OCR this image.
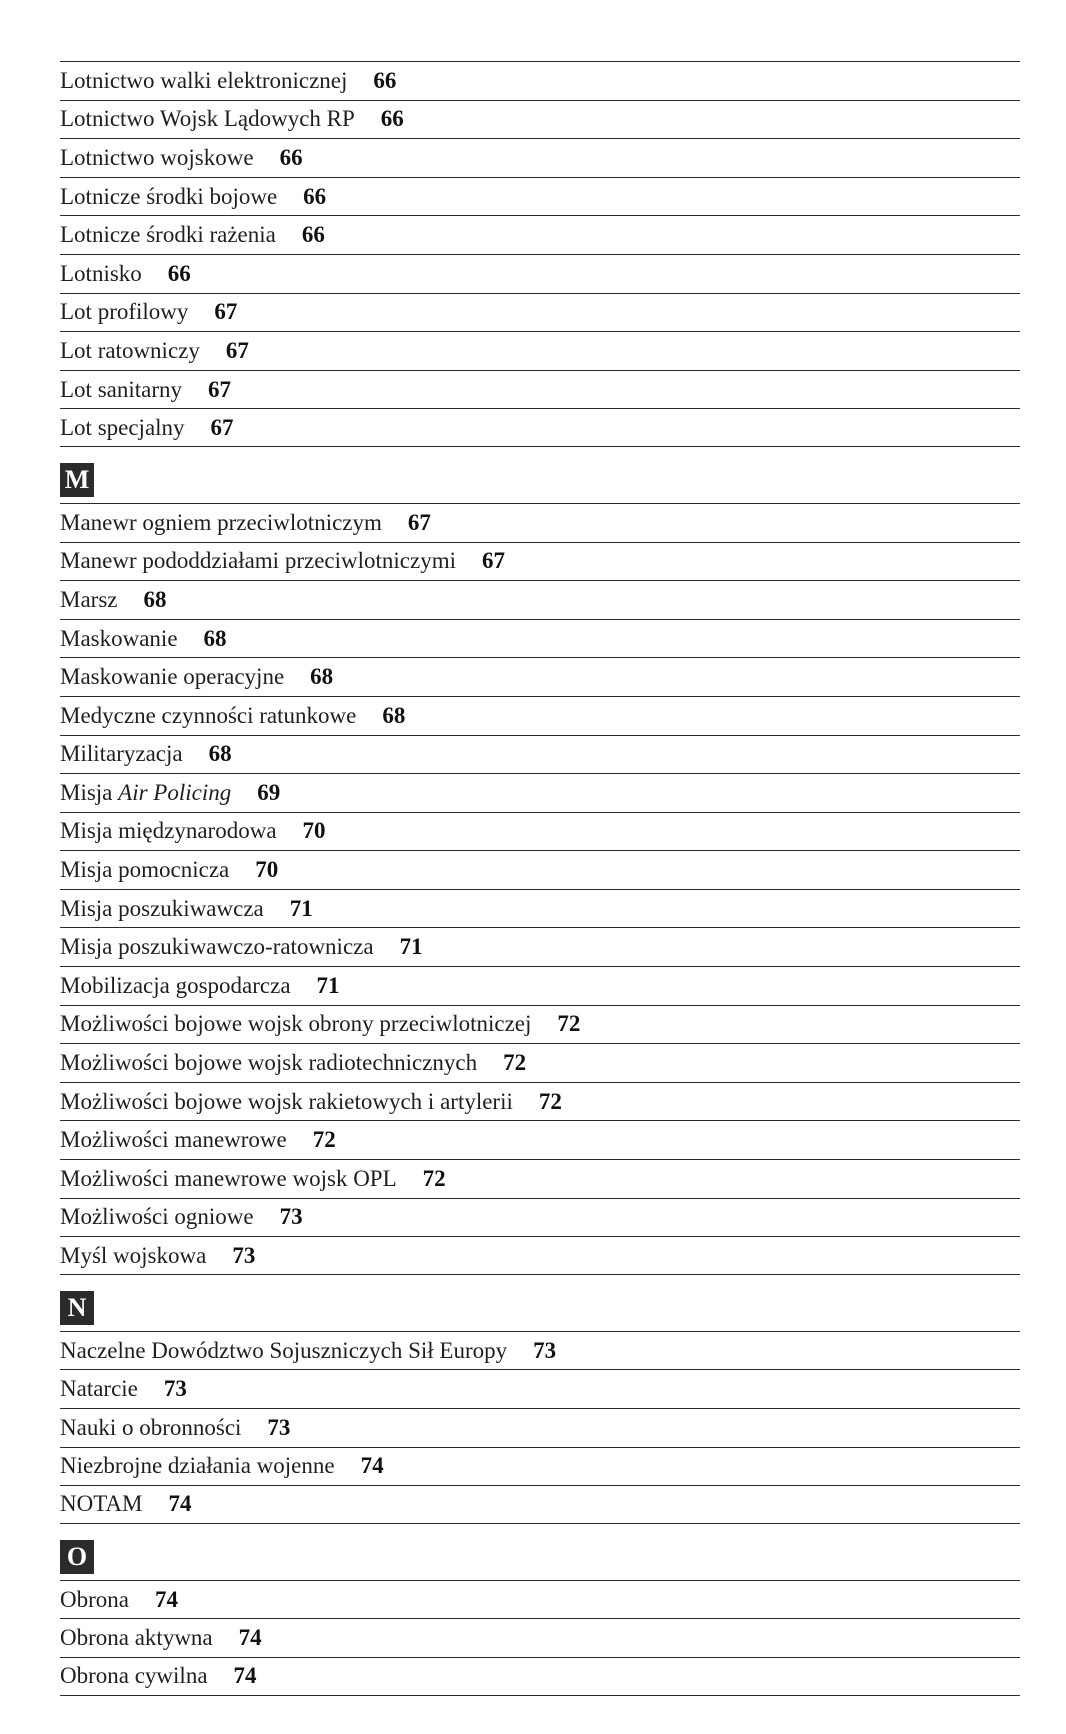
Lotnictwo walki elektronicznej 66
Lotnictwo Wojsk Lądowych RP 66
Lotnictwo wojskowe 66
Lotnicze środki bojowe 66
Lotnicze środki rażenia 66
Lotnisko 66
Lot profilowy 67
Lot ratowniczy 67
Lot sanitarny 67
Lot specjalny 67
M
Manewr ogniem przeciwlotniczym 67
Manewr pododdziałami przeciwlotniczymi 67
Marsz 68
Maskowanie 68
Maskowanie operacyjne 68
Medyczne czynności ratunkowe 68
Militaryzacja 68
Misja Air Policing 69
Misja międzynarodowa 70
Misja pomocnicza 70
Misja poszukiwawcza 71
Misja poszukiwawczo-ratownicza 71
Mobilizacja gospodarcza 71
Możliwości bojowe wojsk obrony przeciwlotniczej 72
Możliwości bojowe wojsk radiotechnicznych 72
Możliwości bojowe wojsk rakietowych i artylerii 72
Możliwości manewrowe 72
Możliwości manewrowe wojsk OPL 72
Możliwości ogniowe 73
Myśl wojskowa 73
N
Naczelne Dowództwo Sojuszniczych Sił Europy 73
Natarcie 73
Nauki o obronności 73
Niezbrojne działania wojenne 74
NOTAM 74
O
Obrona 74
Obrona aktywna 74
Obrona cywilna 74
